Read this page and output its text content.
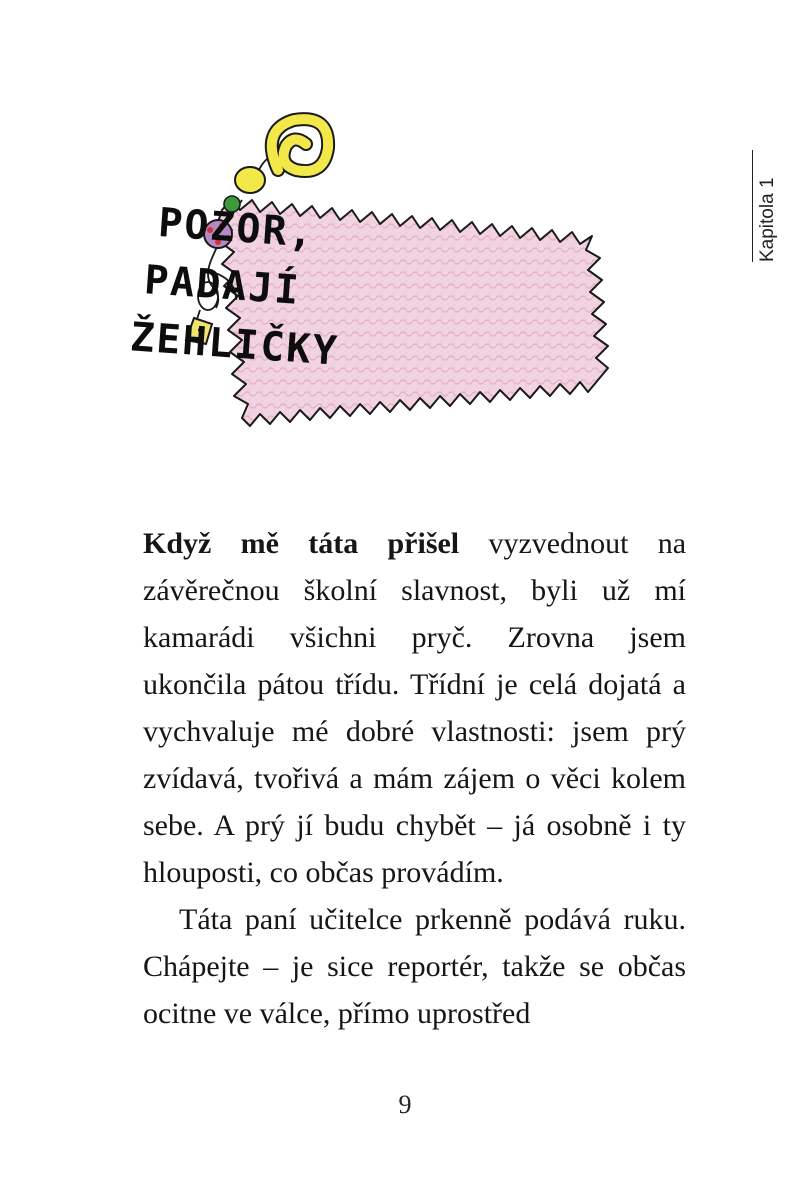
Kapitola 1
POZOR,
PADAJÍ
ŽEHLIČKY

Když mě táta přišel vyzvednout na závěrečnou školní slavnost, byli už mí kamarádi všichni pryč. Zrovna jsem ukončila pátou třídu. Třídní je celá dojatá a vychvaluje mé dobré vlastnosti: jsem prý zvídavá, tvořivá a mám zájem o věci kolem sebe. A prý jí budu chybět – já osobně i ty hlouposti, co občas provádím.

Táta paní učitelce prkenně podává ruku. Chápejte – je sice reportér, takže se občas ocitne ve válce, přímo uprostřed

9
